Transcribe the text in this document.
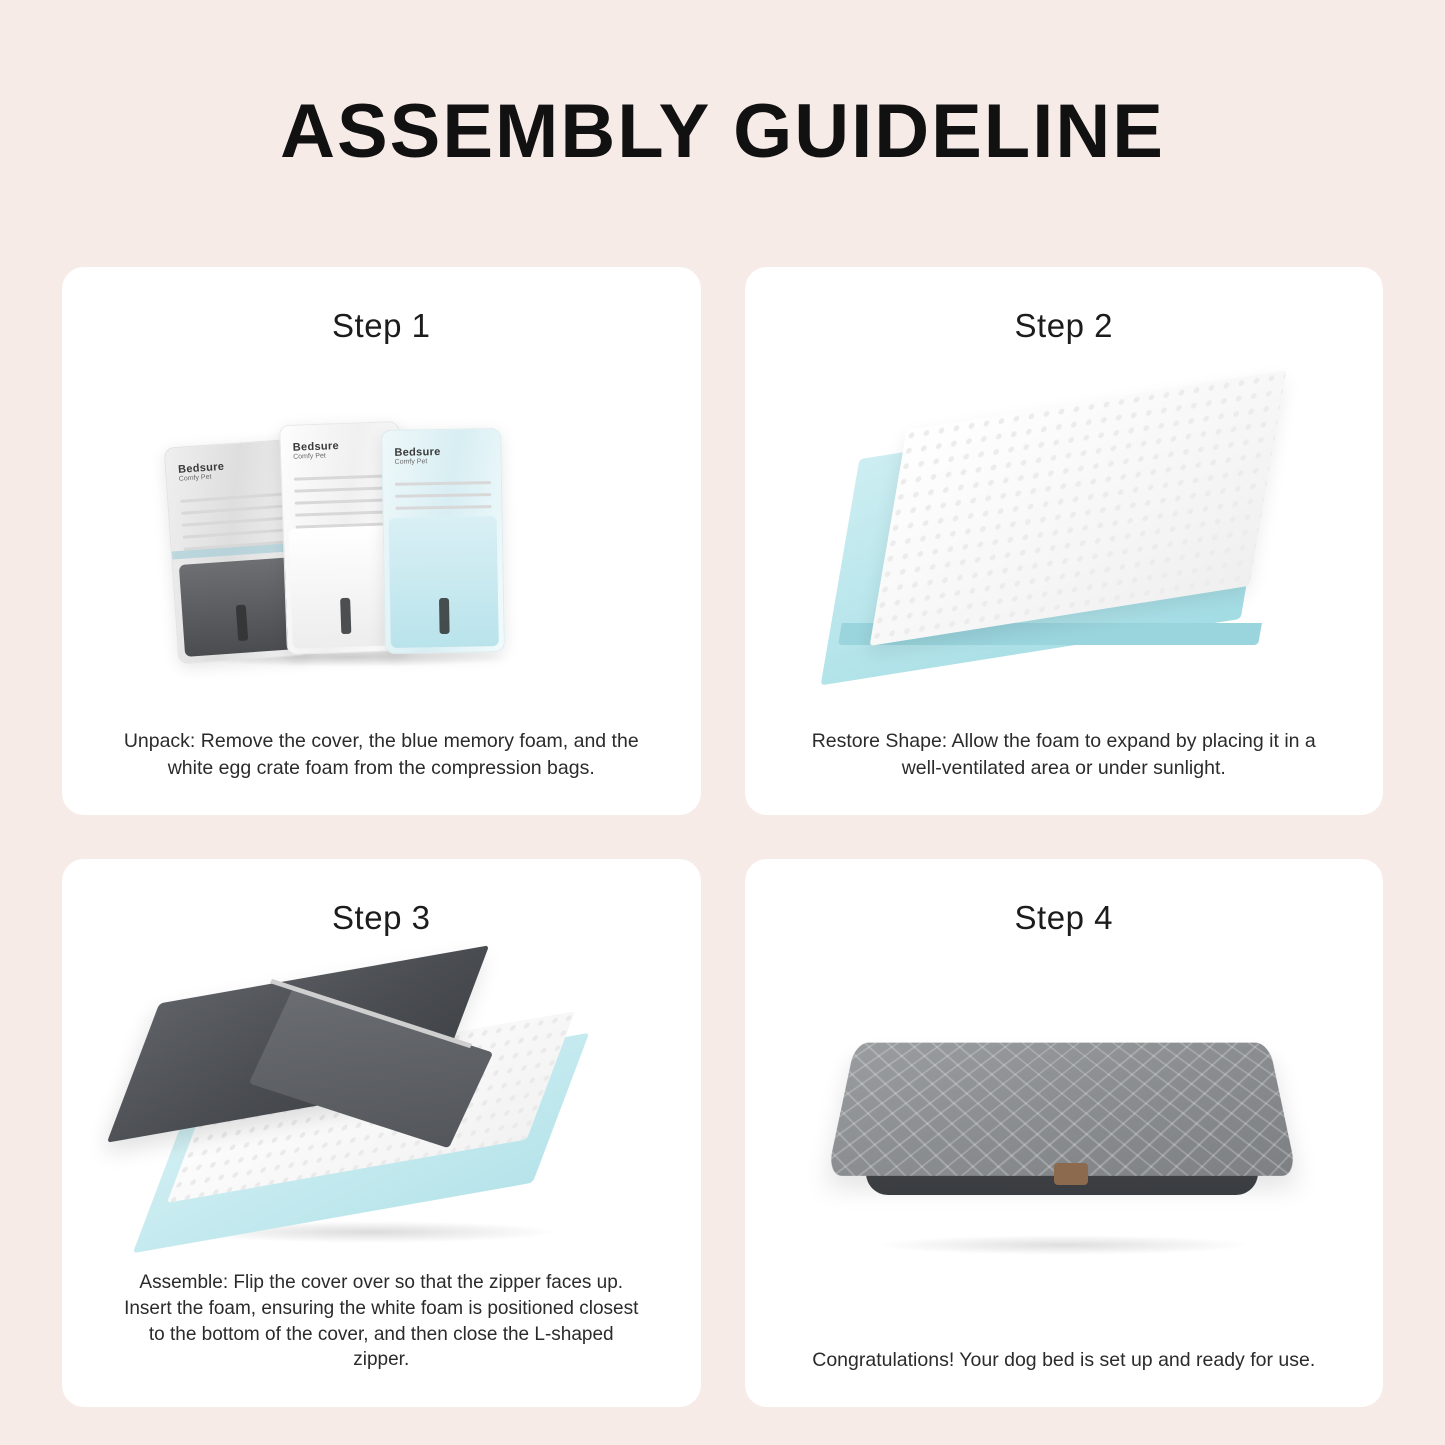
ASSEMBLY GUIDELINE
Step 1
Bedsure
Comfy Pet
Bedsure
Comfy Pet	Bedsure
Comfy Pet
Unpack: Remove the cover, the blue memory foam, and the white egg crate foam from the compression bags.
Step 2
Restore Shape: Allow the foam to expand by placing it in a well-ventilated area or under sunlight.
Step 3
Assemble: Flip the cover over so that the zipper faces up. Insert the foam, ensuring the white foam is positioned closest to the bottom of the cover, and then close the L-shaped zipper.
Step 4
Congratulations! Your dog bed is set up and ready for use.
